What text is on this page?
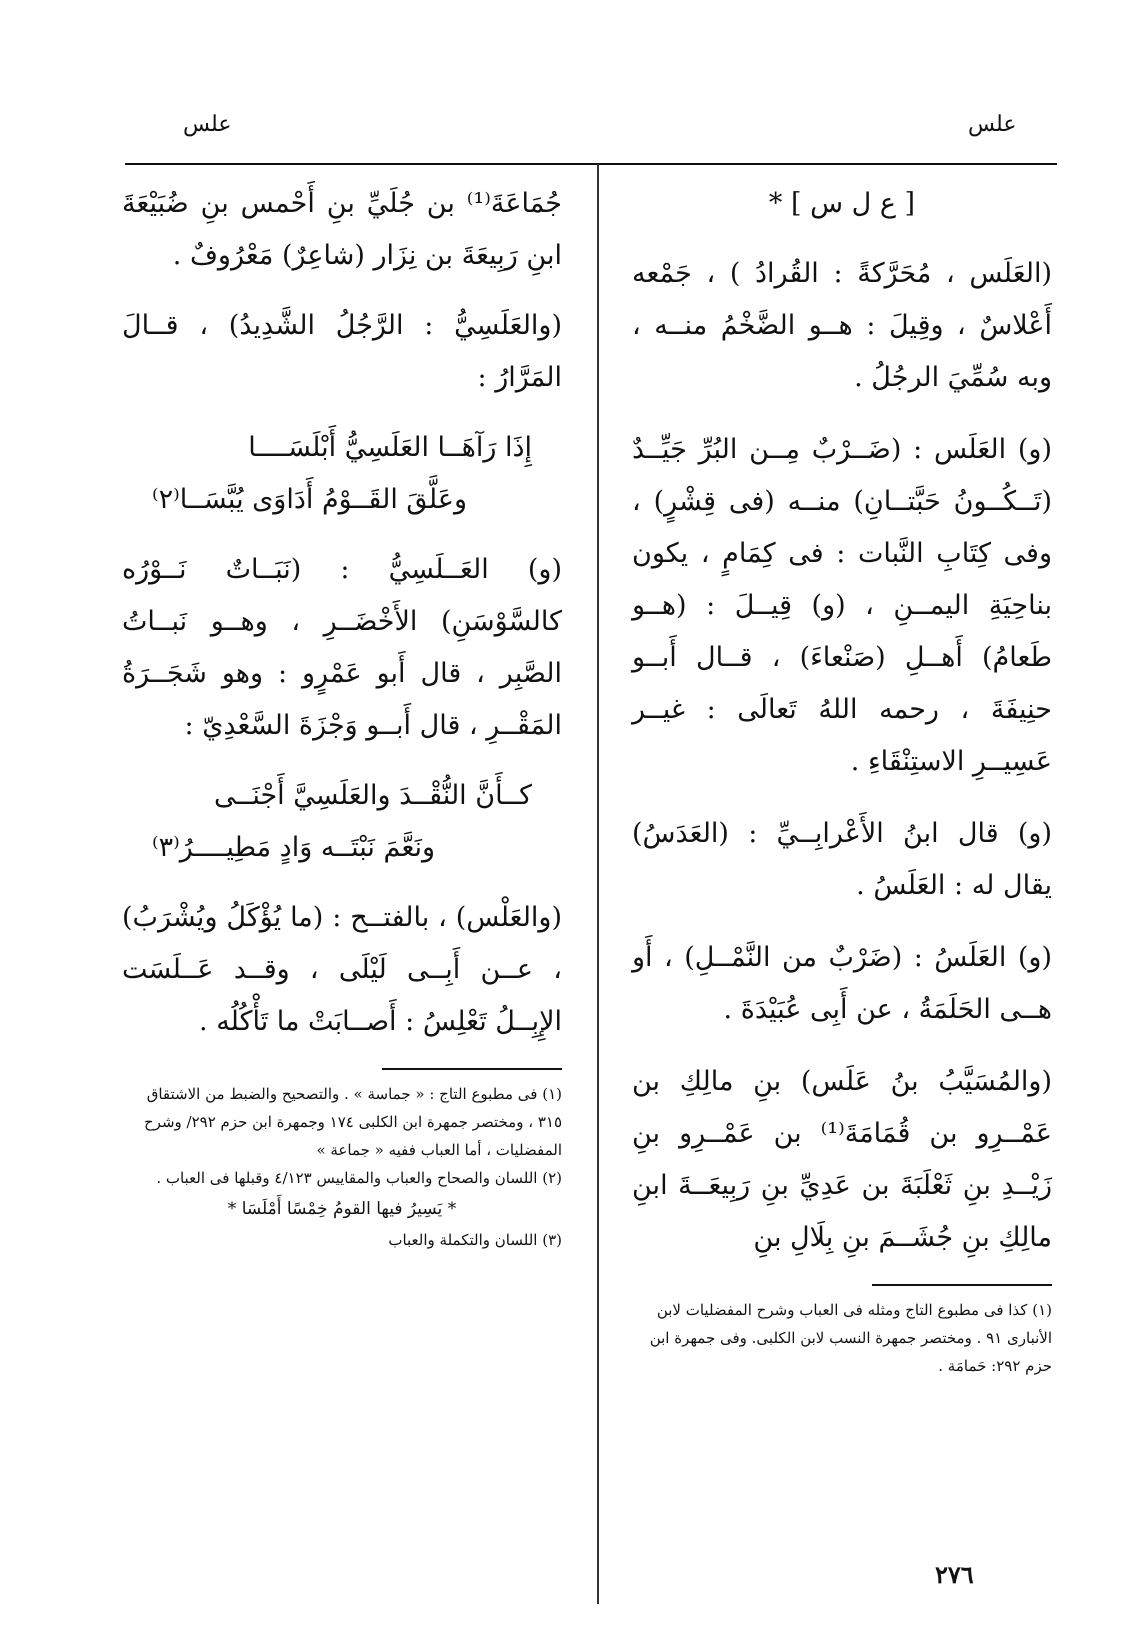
علس
علس

[ ع ل س ] *

(العَلَس ، مُحَرَّكةً : القُرادُ ) ، جَمْعه أَعْلاسٌ ، وقِيلَ : هــو الضَّخْمُ منــه ، وبه سُمِّيَ الرجُلُ .

(و) العَلَس : (ضَــرْبٌ مِــن البُرِّ جَيِّــدٌ (تَــكُــونُ حَبَّتــانِ) منــه (فى قِشْرٍ) ، وفى كِتَابِ النَّبات : فى كِمَامٍ ، يكون بناحِيَةِ اليمــنِ ، (و) قِيــلَ : (هــو طَعامُ) أَهــلِ (صَنْعاءَ) ، قــال أَبــو حنِيفَةَ ، رحمه اللهُ تَعالَى : غيــر عَسِيــرِ الاستِنْقَاءِ .

(و) قال ابنُ الأَعْرابِــيِّ : (العَدَسُ) يقال له : العَلَسُ .

(و) العَلَسُ : (ضَرْبٌ من النَّمْــلِ) ، أَو هــى الحَلَمَةُ ، عن أَبِى عُبَيْدَةَ .

(والمُسَيَّبُ بنُ عَلَس) بنِ مالِكِ بن عَمْــرِو بن قُمَامَةَ⁽¹⁾ بن عَمْــرِو بنِ زَيْــدِ بنِ ثَعْلَبَةَ بن عَدِيِّ بنِ رَبِيعَــةَ ابنِ مالِكِ بنِ جُشَــمَ بنِ بِلَالِ بنِ

(١) كذا فى مطبوع التاج ومثله فى العباب وشرح المفضليات لابن الأنبارى ٩١ . ومختصر جمهرة النسب لابن الكلبى. وفى جمهرة ابن حزم ٢٩٢: حَمامَة .

جُمَاعَةَ⁽¹⁾ بن جُلَيِّ بنِ أَحْمس بنِ ضُبَيْعَةَ ابنِ رَبِيعَةَ بن نِزَار (شاعِرٌ) مَعْرُوفٌ .

(والعَلَسِيُّ : الرَّجُلُ الشَّدِيدُ) ، قــالَ المَرَّارُ :

إِذَا رَآهَــا العَلَسِيُّ أَبْلَسَــــا
وعَلَّقَ القَــوْمُ أَدَاوَى يُبَّسَــا⁽٢⁾

(و) العَــلَسِيُّ : (نَبَــاتٌ نَــوْرُه كالسَّوْسَنِ) الأَخْضَــرِ ، وهــو نَبــاتُ الصَّبِر ، قال أَبو عَمْرٍو : وهو شَجَــرَةُ المَقْــرِ ، قال أَبــو وَجْزَةَ السَّعْدِيّ :

كــأَنَّ النُّقْــدَ والعَلَسِيَّ أَجْنَــى
ونَعَّمَ نَبْتَــه وَادٍ مَطِيــــرُ⁽٣⁾

(والعَلْس) ، بالفتــح : (ما يُؤْكَلُ ويُشْرَبُ) ، عــن أَبِــى لَيْلَى ، وقــد عَــلَسَت الإِبِــلُ تَعْلِسُ : أَصــابَتْ ما تَأْكُلُه .

(١) فى مطبوع التاج : « جماسة » . والتصحيح والضبط من الاشتقاق ٣١٥ ، ومختصر جمهرة ابن الكلبى ١٧٤ وجمهرة ابن حزم ٢٩٢/ وشرح المفضليات ، أما العباب ففيه « جماعة »

(٢) اللسان والصحاح والعباب والمقاييس ٤/١٢٣ وقبلها فى العباب .

* يَسِيرُ فيها القومُ خِمْسًا أَمْلَسَا *

(٣) اللسان والتكملة والعباب

٢٧٦
